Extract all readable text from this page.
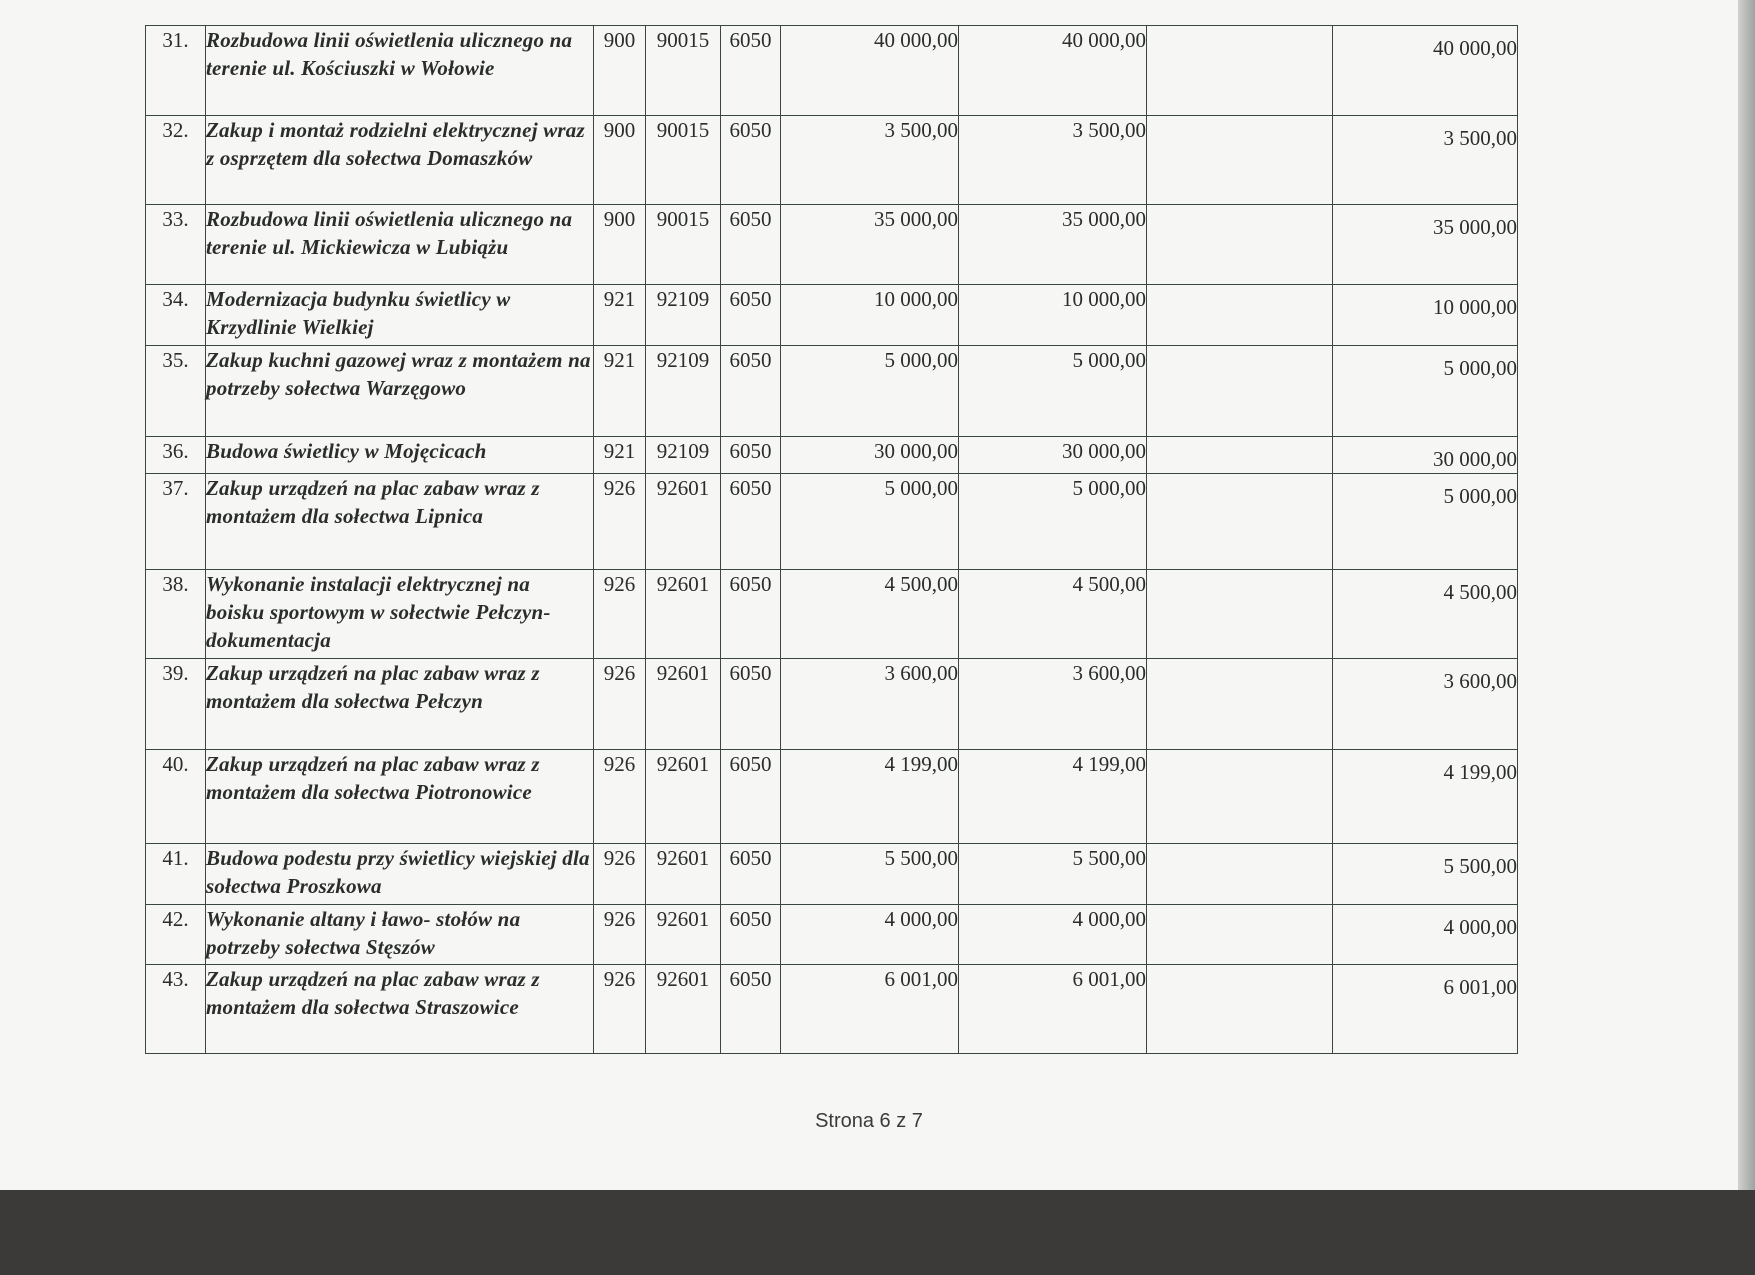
31.	Rozbudowa linii oświetlenia ulicznego na terenie ul. Kościuszki w Wołowie	900	90015	6050	40 000,00	40 000,00		40 000,00
32.	Zakup i montaż rodzielni elektrycznej wraz z osprzętem dla sołectwa Domaszków	900	90015	6050	3 500,00	3 500,00		3 500,00
33.	Rozbudowa linii oświetlenia ulicznego na terenie ul. Mickiewicza w Lubiążu	900	90015	6050	35 000,00	35 000,00		35 000,00
34.	Modernizacja budynku świetlicy w Krzydlinie Wielkiej	921	92109	6050	10 000,00	10 000,00		10 000,00
35.	Zakup kuchni gazowej wraz z montażem na potrzeby sołectwa Warzęgowo	921	92109	6050	5 000,00	5 000,00		5 000,00
36.	Budowa świetlicy w Mojęcicach	921	92109	6050	30 000,00	30 000,00		30 000,00
37.	Zakup urządzeń na plac zabaw wraz z montażem dla sołectwa Lipnica	926	92601	6050	5 000,00	5 000,00		5 000,00
38.	Wykonanie instalacji elektrycznej na boisku sportowym w sołectwie Pełczyn- dokumentacja	926	92601	6050	4 500,00	4 500,00		4 500,00
39.	Zakup urządzeń na plac zabaw wraz z montażem dla sołectwa Pełczyn	926	92601	6050	3 600,00	3 600,00		3 600,00
40.	Zakup urządzeń na plac zabaw wraz z montażem dla sołectwa Piotronowice	926	92601	6050	4 199,00	4 199,00		4 199,00
41.	Budowa podestu przy świetlicy wiejskiej dla sołectwa Proszkowa	926	92601	6050	5 500,00	5 500,00		5 500,00
42.	Wykonanie altany i ławo- stołów na potrzeby sołectwa Stęszów	926	92601	6050	4 000,00	4 000,00		4 000,00
43.	Zakup urządzeń na plac zabaw wraz z montażem dla sołectwa Straszowice	926	92601	6050	6 001,00	6 001,00		6 001,00
Strona 6 z 7
